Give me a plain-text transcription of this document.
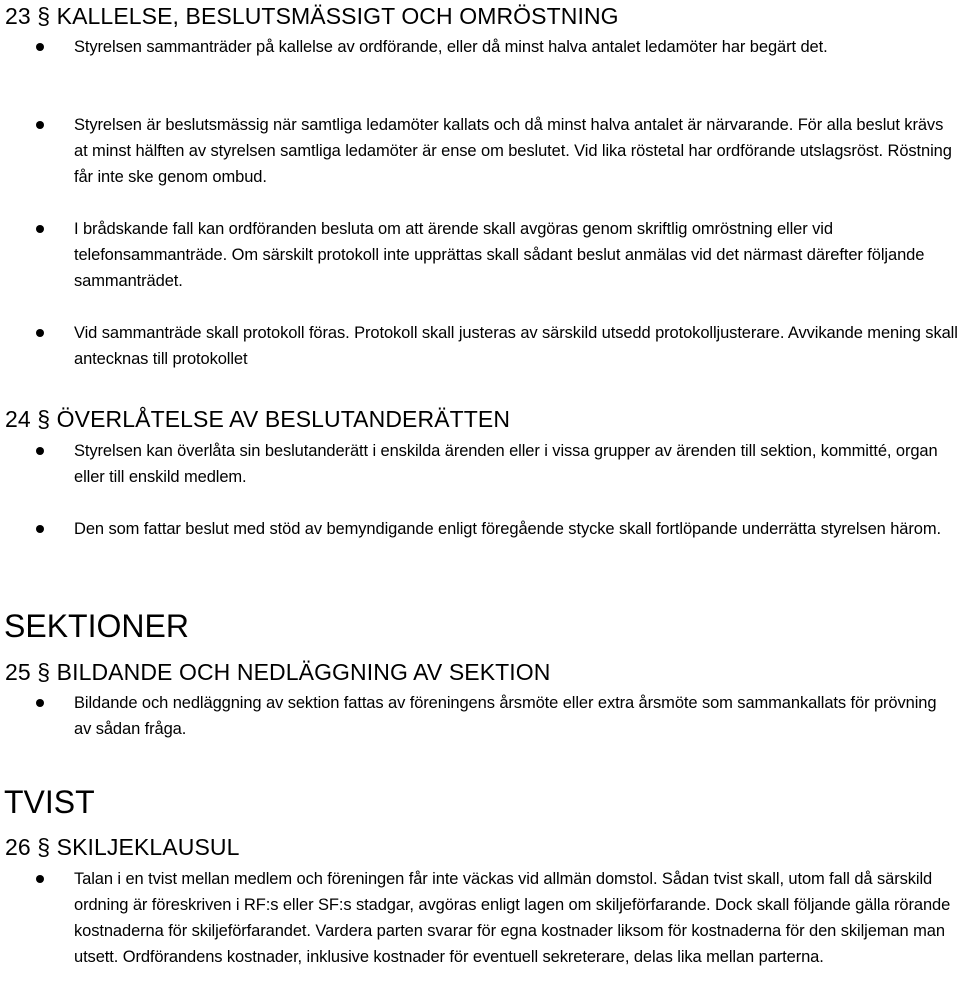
23 § KALLELSE, BESLUTSMÄSSIGT OCH OMRÖSTNING
Styrelsen sammanträder på kallelse av ordförande, eller då minst halva antalet ledamöter har begärt det.
Styrelsen är beslutsmässig när samtliga ledamöter kallats och då minst halva antalet är närvarande. För alla beslut krävs at minst hälften av styrelsen samtliga ledamöter är ense om beslutet. Vid lika röstetal har ordförande utslagsröst. Röstning får inte ske genom ombud.
I brådskande fall kan ordföranden besluta om att ärende skall avgöras genom skriftlig omröstning eller vid telefonsammanträde. Om särskilt protokoll inte upprättas skall sådant beslut anmälas vid det närmast därefter följande sammanträdet.
Vid sammanträde skall protokoll föras. Protokoll skall justeras av särskild utsedd protokolljusterare. Avvikande mening skall antecknas till protokollet
24 § ÖVERLÅTELSE AV BESLUTANDERÄTTEN
Styrelsen kan överlåta sin beslutanderätt i enskilda ärenden eller i vissa grupper av ärenden till sektion, kommitté, organ eller till enskild medlem.
Den som fattar beslut med stöd av bemyndigande enligt föregående stycke skall fortlöpande underrätta styrelsen härom.
SEKTIONER
25 § BILDANDE OCH NEDLÄGGNING AV SEKTION
Bildande och nedläggning av sektion fattas av föreningens årsmöte eller extra årsmöte som sammankallats för prövning av sådan fråga.
TVIST
26 § SKILJEKLAUSUL
Talan i en tvist mellan medlem och föreningen får inte väckas vid allmän domstol. Sådan tvist skall, utom fall då särskild ordning är föreskriven i RF:s eller SF:s stadgar, avgöras enligt lagen om skiljeförfarande. Dock skall följande gälla rörande kostnaderna för skiljeförfarandet. Vardera parten svarar för egna kostnader liksom för kostnaderna för den skiljeman man utsett. Ordförandens kostnader, inklusive kostnader för eventuell sekreterare, delas lika mellan parterna.
